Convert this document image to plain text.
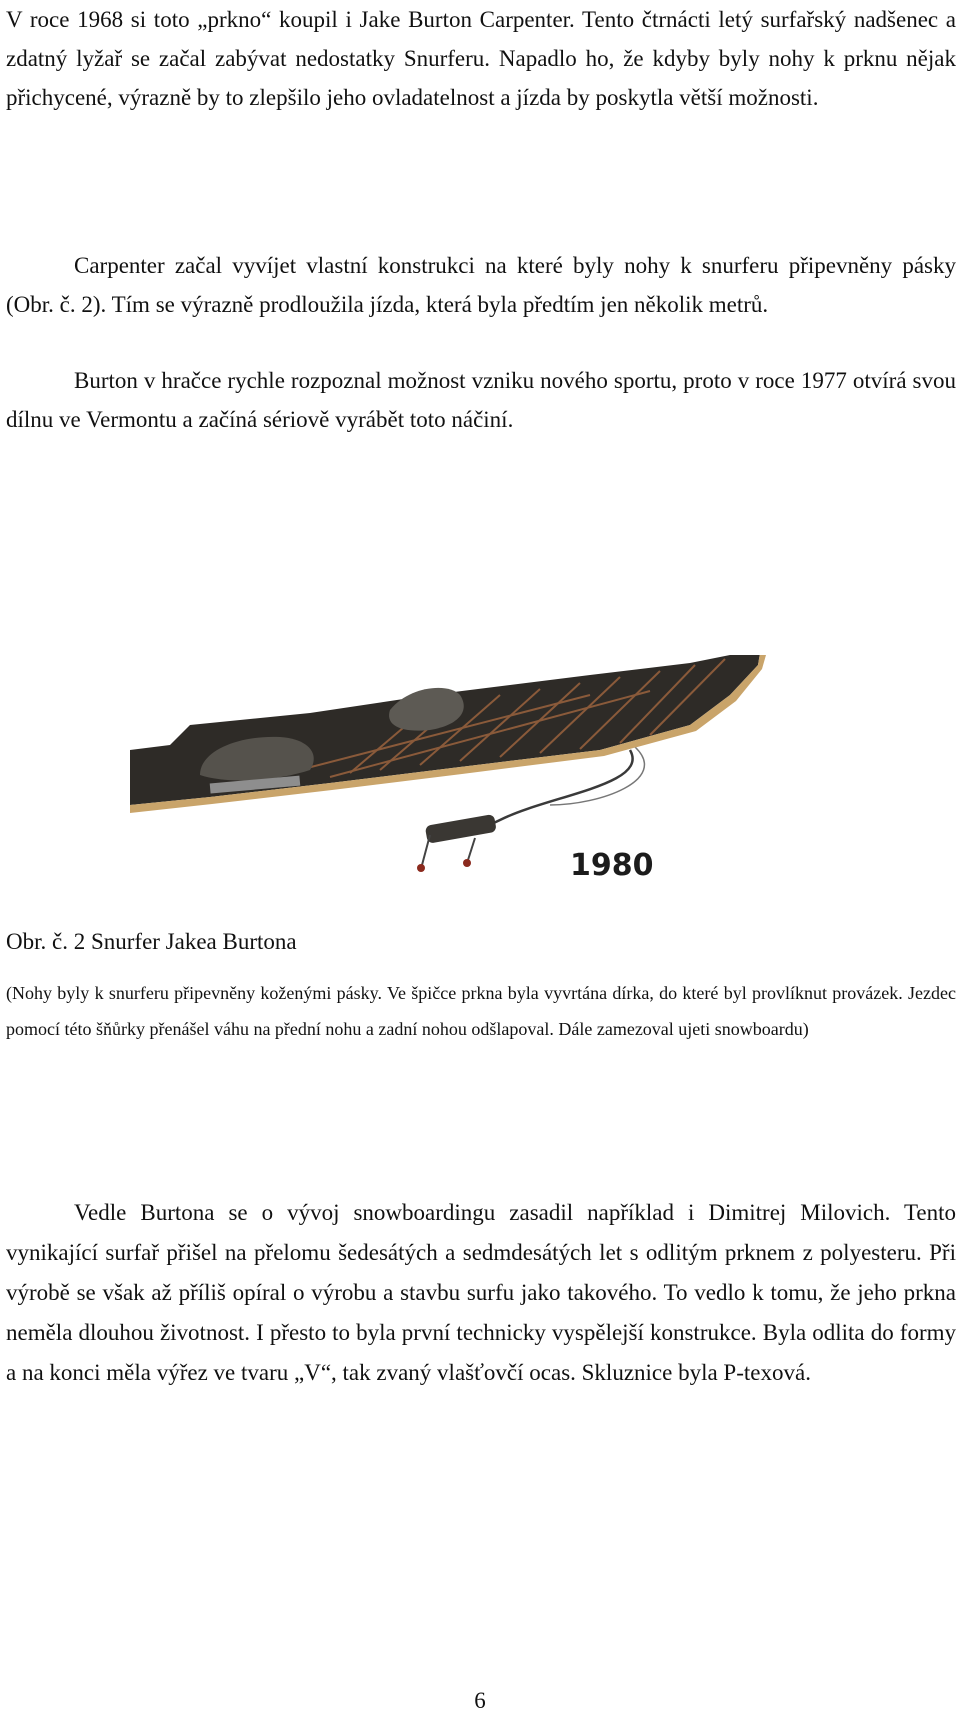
V roce 1968 si toto „prkno“ koupil i Jake Burton Carpenter. Tento čtrnácti letý surfařský nadšenec a zdatný lyžař se začal zabývat nedostatky Snurferu. Napadlo ho, že kdyby byly nohy k prknu nějak přichycené, výrazně by to zlepšilo jeho ovladatelnost a jízda by poskytla větší možnosti.

Carpenter začal vyvíjet vlastní konstrukci na které byly nohy k snurferu připevněny pásky (Obr. č. 2). Tím se výrazně prodloužila jízda, která byla předtím jen několik metrů.

Burton v hračce rychle rozpoznal možnost vzniku nového sportu, proto v roce 1977 otvírá svou dílnu ve Vermontu a začíná sériově vyrábět toto náčiní.

1980

Obr. č. 2 Snurfer Jakea Burtona

(Nohy byly k snurferu připevněny koženými pásky. Ve špičce prkna byla vyvrtána dírka, do které byl provlíknut provázek. Jezdec pomocí této šňůrky přenášel váhu na přední nohu a zadní nohou odšlapoval. Dále zamezoval ujeti snowboardu)

Vedle Burtona se o vývoj snowboardingu zasadil například i Dimitrej Milovich. Tento vynikající surfař přišel na přelomu šedesátých a sedmdesátých let s odlitým prknem z polyesteru. Při výrobě se však až příliš opíral o výrobu a stavbu surfu jako takového. To vedlo k tomu, že jeho prkna neměla dlouhou životnost. I přesto to byla první technicky vyspělejší konstrukce. Byla odlita do formy a na konci měla výřez ve tvaru „V“, tak zvaný vlašťovčí ocas. Skluznice byla P-texová.

6
